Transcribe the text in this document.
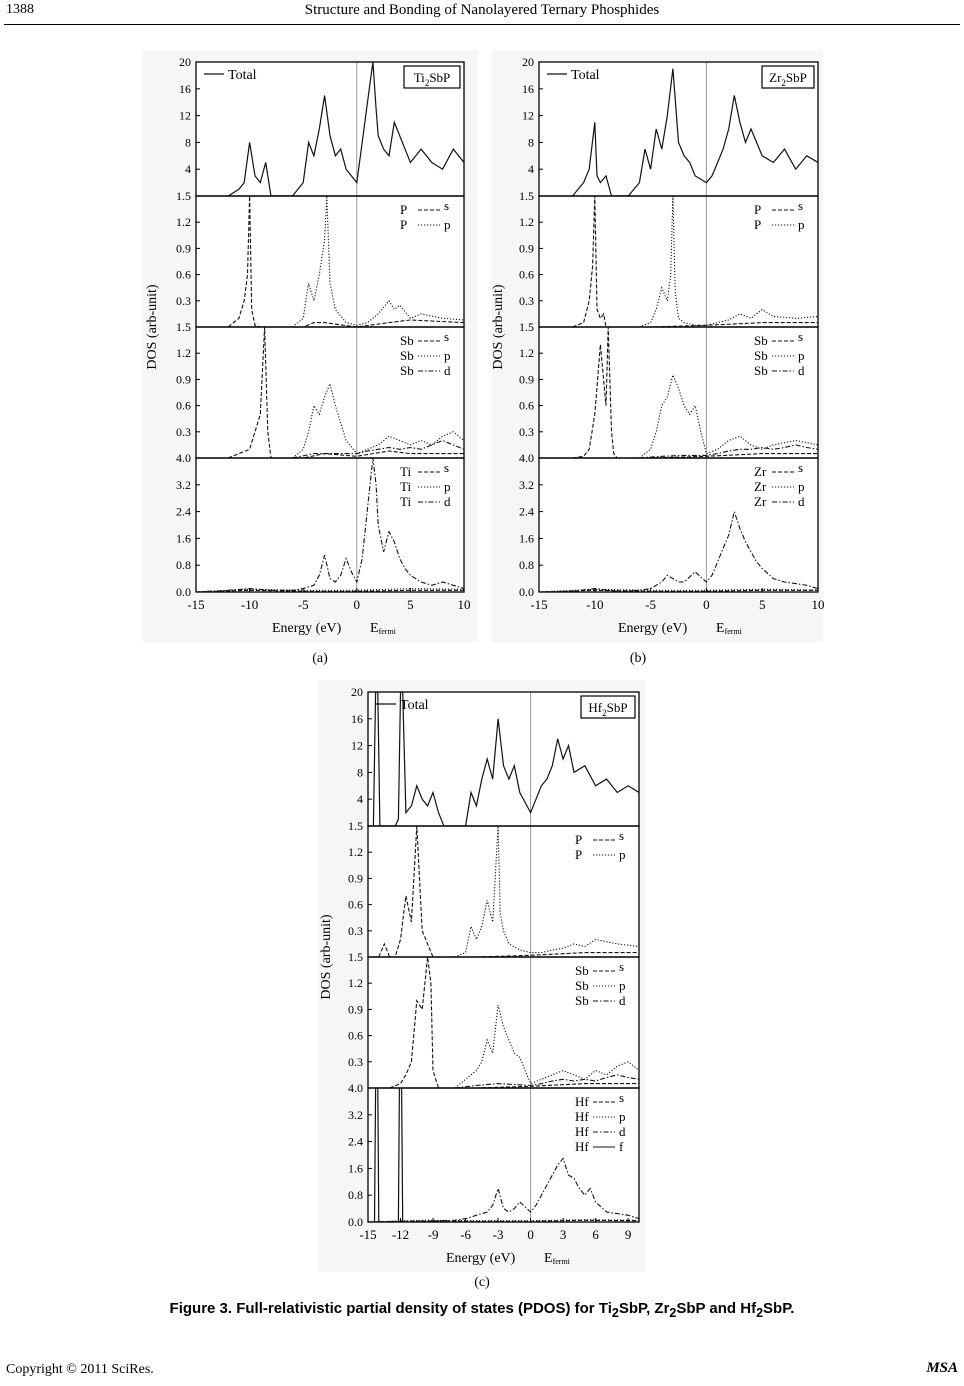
1388	Structure and Bonding of Nanolayered Ternary Phosphides
20
16
12
8
4
1.5
Total	$Ti_2SbP$
1.2
0.9
0.6
0.3
1.5
P	s
P	p
1.2
0.9
0.6
0.3
4.0
Sb s
Sb p
Sb d
3.2
2.4
1.6
0.8
0.0
Ti	s
Ti	p
Ti	d
-15	-10	-5	0	5	10
Energy (eV) Efermi
DOS (arb-unit)
(a)
20
16
12
8
4
1.5
Total	$Zr_2SbP$
1.2
0.9
0.6
0.3
1.5
P	s
P	p
1.2
0.9
0.6
0.3
4.0
Sb s
Sb p
Sb d
3.2
2.4
1.6
0.8
0.0
Zr s
Zr p
Zr d
-15	-10	-5	0	5	10
Energy (eV) Efermi
DOS (arb-unit)
(b)
20
16
12
8
4
1.5
Total	$Hf_2SbP$
1.2
0.9
0.6
0.3
1.5
P	s
P	p
1.2
0.9
0.6
0.3
4.0
Sb s
Sb p
Sb d
3.2
2.4
1.6
0.8
0.0
Hf s
Hf p
Hf d
Hf f
-15 -12 -9 -6 -3 0 3 6 9
Energy (eV) Efermi
DOS (arb-unit)
(c)
Figure 3. Full-relativistic partial density of states (PDOS) for $Ti_2SbP$, $Zr_2SbP$ and $Hf_2SbP$.
Copyright © 2011 SciRes.	MSA
